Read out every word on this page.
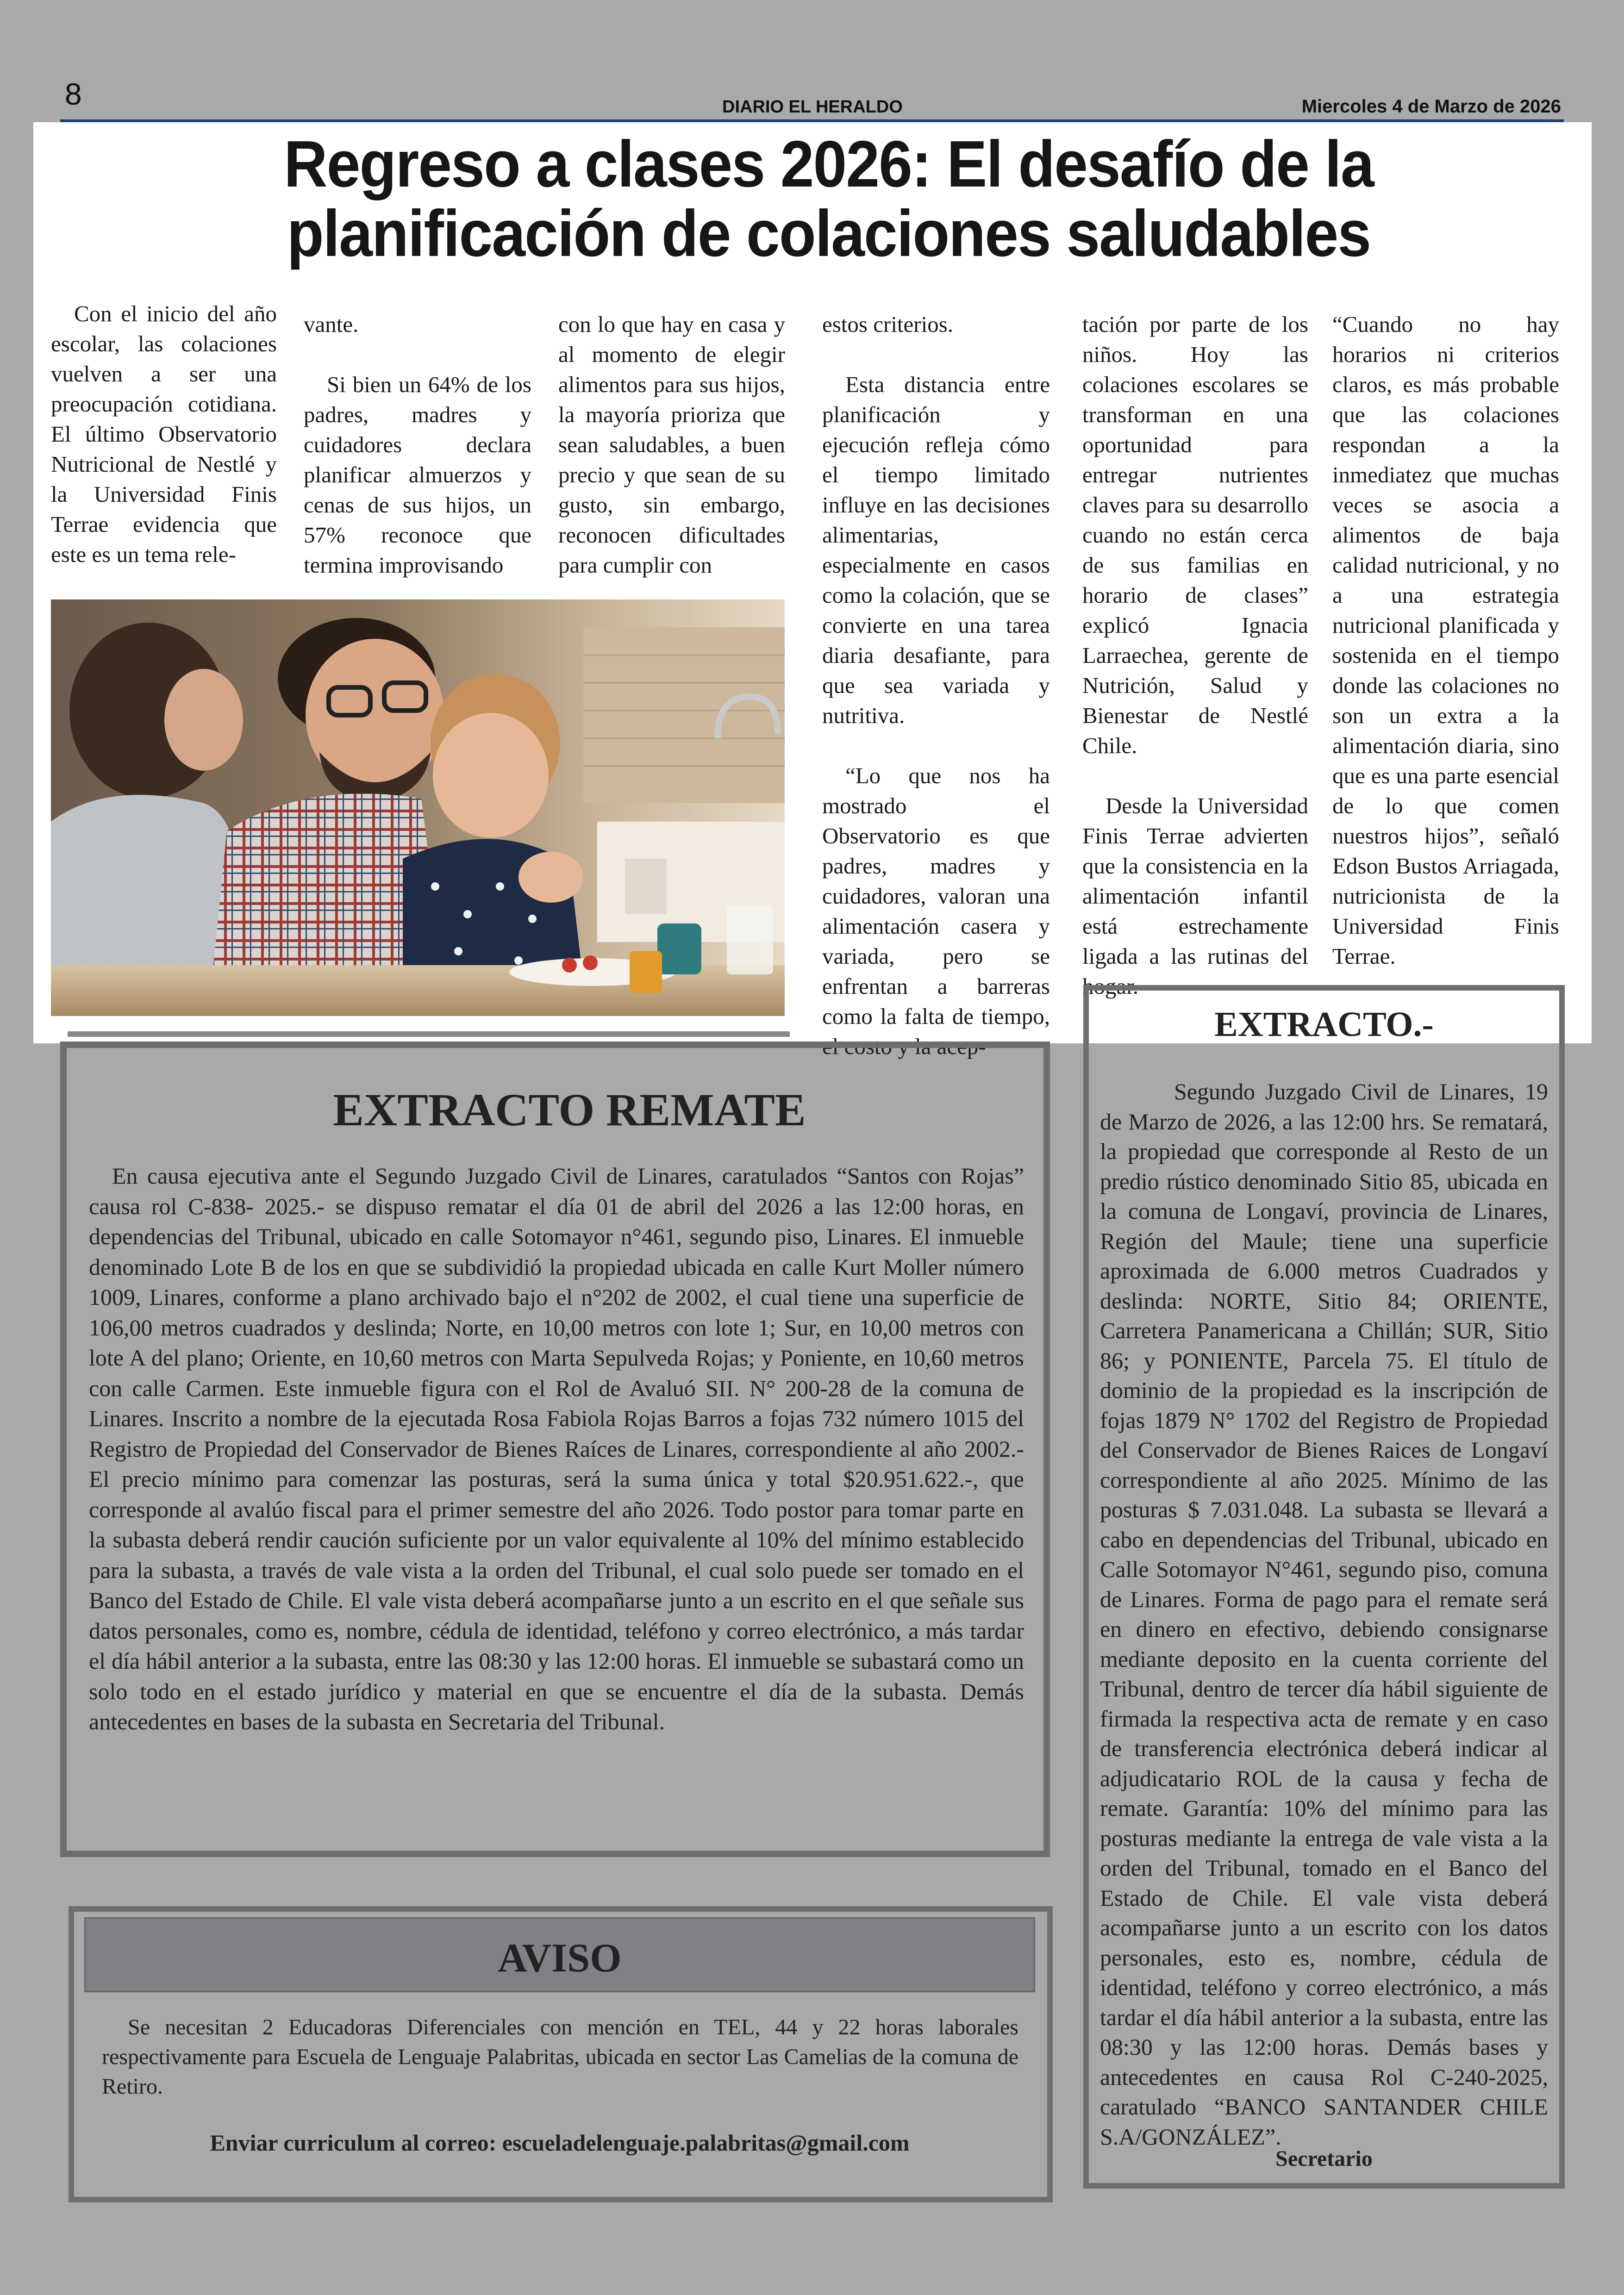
8	DIARIO EL HERALDO	Miercoles 4 de Marzo de 2026
Regreso a clases 2026: El desafío de la
planificación de colaciones saludables

Con el inicio del año escolar, las colaciones vuelven a ser una preocupación cotidiana. El último Observatorio Nutricional de Nestlé y la Universidad Finis Terrae evidencia que este es un tema rele-

vante.

Si bien un 64% de los padres, madres y cuidadores declara planificar almuerzos y cenas de sus hijos, un 57% reconoce que termina improvisando

con lo que hay en casa y al momento de elegir alimentos para sus hijos, la mayoría prioriza que sean saludables, a buen precio y que sean de su gusto, sin embargo, reconocen dificultades para cumplir con

estos criterios.

Esta distancia entre planificación y ejecución refleja cómo el tiempo limitado influye en las decisiones alimentarias, especialmente en casos como la colación, que se convierte en una tarea diaria desafiante, para que sea variada y nutritiva.

“Lo que nos ha mostrado el Observatorio es que padres, madres y cuidadores, valoran una alimentación casera y variada, pero se enfrentan a barreras como la falta de tiempo, el costo y la acep-

tación por parte de los niños. Hoy las colaciones escolares se transforman en una oportunidad para entregar nutrientes claves para su desarrollo cuando no están cerca de sus familias en horario de clases” explicó Ignacia Larraechea, gerente de Nutrición, Salud y Bienestar de Nestlé Chile.

Desde la Universidad Finis Terrae advierten que la consistencia en la alimentación infantil está estrechamente ligada a las rutinas del hogar.

“Cuando no hay horarios ni criterios claros, es más probable que las colaciones respondan a la inmediatez que muchas veces se asocia a alimentos de baja calidad nutricional, y no a una estrategia nutricional planificada y sostenida en el tiempo donde las colaciones no son un extra a la alimentación diaria, sino que es una parte esencial de lo que comen nuestros hijos”, señaló Edson Bustos Arriagada, nutricionista de la Universidad Finis Terrae.

EXTRACTO REMATE
En causa ejecutiva ante el Segundo Juzgado Civil de Linares, caratulados “Santos con Rojas” causa rol C-838- 2025.- se dispuso rematar el día 01 de abril del 2026 a las 12:00 horas, en dependencias del Tribunal, ubicado en calle Sotomayor n°461, segundo piso, Linares. El inmueble denominado Lote B de los en que se subdividió la propiedad ubicada en calle Kurt Moller número 1009, Linares, conforme a plano archivado bajo el n°202 de 2002, el cual tiene una superficie de 106,00 metros cuadrados y deslinda; Norte, en 10,00 metros con lote 1; Sur, en 10,00 metros con lote A del plano; Oriente, en 10,60 metros con Marta Sepulveda Rojas; y Poniente, en 10,60 metros con calle Carmen. Este inmueble figura con el Rol de Avaluó SII. N° 200-28 de la comuna de Linares. Inscrito a nombre de la ejecutada Rosa Fabiola Rojas Barros a fojas 732 número 1015 del Registro de Propiedad del Conservador de Bienes Raíces de Linares, correspondiente al año 2002.- El precio mínimo para comenzar las posturas, será la suma única y total $20.951.622.-, que corresponde al avalúo fiscal para el primer semestre del año 2026. Todo postor para tomar parte en la subasta deberá rendir caución suficiente por un valor equivalente al 10% del mínimo establecido para la subasta, a través de vale vista a la orden del Tribunal, el cual solo puede ser tomado en el Banco del Estado de Chile. El vale vista deberá acompañarse junto a un escrito en el que señale sus datos personales, como es, nombre, cédula de identidad, teléfono y correo electrónico, a más tardar el día hábil anterior a la subasta, entre las 08:30 y las 12:00 horas. El inmueble se subastará como un solo todo en el estado jurídico y material en que se encuentre el día de la subasta. Demás antecedentes en bases de la subasta en Secretaria del Tribunal.
AVISO
Se necesitan 2 Educadoras Diferenciales con mención en TEL, 44 y 22 horas laborales respectivamente para Escuela de Lenguaje Palabritas, ubicada en sector Las Camelias de la comuna de Retiro.
Enviar curriculum al correo: escueladelenguaje.palabritas@gmail.com
EXTRACTO.-
Segundo Juzgado Civil de Linares, 19 de Marzo de 2026, a las 12:00 hrs. Se rematará, la propiedad que corresponde al Resto de un predio rústico denominado Sitio 85, ubicada en la comuna de Longaví, provincia de Linares, Región del Maule; tiene una superficie aproximada de 6.000 metros Cuadrados y deslinda: NORTE, Sitio 84; ORIENTE, Carretera Panamericana a Chillán; SUR, Sitio 86; y PONIENTE, Parcela 75. El título de dominio de la propiedad es la inscripción de fojas 1879 N° 1702 del Registro de Propiedad del Conservador de Bienes Raices de Longaví correspondiente al año 2025. Mínimo de las posturas $ 7.031.048. La subasta se llevará a cabo en dependencias del Tribunal, ubicado en Calle Sotomayor N°461, segundo piso, comuna de Linares. Forma de pago para el remate será en dinero en efectivo, debiendo consignarse mediante deposito en la cuenta corriente del Tribunal, dentro de tercer día hábil siguiente de firmada la respectiva acta de remate y en caso de transferencia electrónica deberá indicar al adjudicatario ROL de la causa y fecha de remate. Garantía: 10% del mínimo para las posturas mediante la entrega de vale vista a la orden del Tribunal, tomado en el Banco del Estado de Chile. El vale vista deberá acompañarse junto a un escrito con los datos personales, esto es, nombre, cédula de identidad, teléfono y correo electrónico, a más tardar el día hábil anterior a la subasta, entre las 08:30 y las 12:00 horas. Demás bases y antecedentes en causa Rol C-240-2025, caratulado “BANCO SANTANDER CHILE S.A/GONZÁLEZ”.
Secretario
